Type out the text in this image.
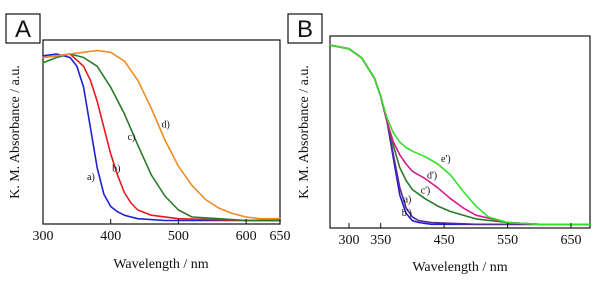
A
300	400	500	600 650
a)
b)
c)
d)
Wavelength / nm
K. M. Absorbance / a.u.
B
300 350	450	550	650
a)
b')
c')
d')
e')
Wavelength / nm
K. M. Absorbance / a.u.
